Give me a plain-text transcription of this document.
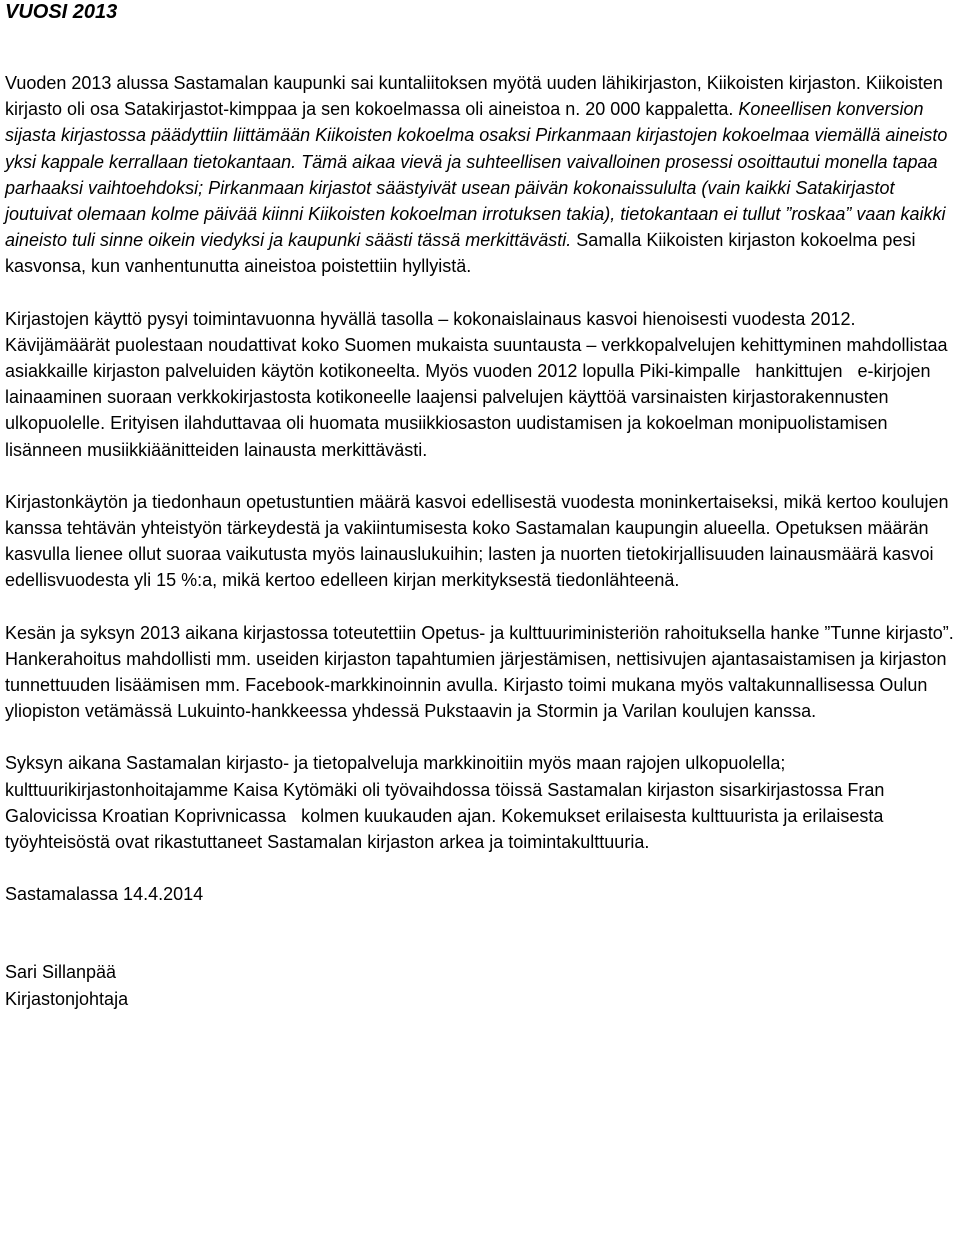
VUOSI 2013

Vuoden 2013 alussa Sastamalan kaupunki sai kuntaliitoksen myötä uuden lähikirjaston, Kiikoisten kirjaston. Kiikoisten kirjasto oli osa Satakirjastot-kimppaa ja sen kokoelmassa oli aineistoa n. 20 000 kappaletta. Koneellisen konversion sijasta kirjastossa päädyttiin liittämään Kiikoisten kokoelma osaksi Pirkanmaan kirjastojen kokoelmaa viemällä aineisto yksi kappale kerrallaan tietokantaan. Tämä aikaa vievä ja suhteellisen vaivalloinen prosessi osoittautui monella tapaa parhaaksi vaihtoehdoksi; Pirkanmaan kirjastot säästyivät usean päivän kokonaissululta (vain kaikki Satakirjastot joutuivat olemaan kolme päivää kiinni Kiikoisten kokoelman irrotuksen takia), tietokantaan ei tullut ”roskaa” vaan kaikki aineisto tuli sinne oikein viedyksi ja kaupunki säästi tässä merkittävästi. Samalla Kiikoisten kirjaston kokoelma pesi kasvonsa, kun vanhentunutta aineistoa poistettiin hyllyistä.

Kirjastojen käyttö pysyi toimintavuonna hyvällä tasolla – kokonaislainaus kasvoi hienoisesti vuodesta 2012. Kävijämäärät puolestaan noudattivat koko Suomen mukaista suuntausta – verkkopalvelujen kehittyminen mahdollistaa asiakkaille kirjaston palveluiden käytön kotikoneelta. Myös vuoden 2012 lopulla Piki-kimpalle   hankittujen   e-kirjojen lainaaminen suoraan verkkokirjastosta kotikoneelle laajensi palvelujen käyttöä varsinaisten kirjastorakennusten ulkopuolelle. Erityisen ilahduttavaa oli huomata musiikkiosaston uudistamisen ja kokoelman monipuolistamisen lisänneen musiikkiäänitteiden lainausta merkittävästi.

Kirjastonkäytön ja tiedonhaun opetustuntien määrä kasvoi edellisestä vuodesta moninkertaiseksi, mikä kertoo koulujen kanssa tehtävän yhteistyön tärkeydestä ja vakiintumisesta koko Sastamalan kaupungin alueella. Opetuksen määrän kasvulla lienee ollut suoraa vaikutusta myös lainauslukuihin; lasten ja nuorten tietokirjallisuuden lainausmäärä kasvoi edellisvuodesta yli 15 %:a, mikä kertoo edelleen kirjan merkityksestä tiedonlähteenä.

Kesän ja syksyn 2013 aikana kirjastossa toteutettiin Opetus- ja kulttuuriministeriön rahoituksella hanke ”Tunne kirjasto”. Hankerahoitus mahdollisti mm. useiden kirjaston tapahtumien järjestämisen, nettisivujen ajantasaistamisen ja kirjaston tunnettuuden lisäämisen mm. Facebook-markkinoinnin avulla. Kirjasto toimi mukana myös valtakunnallisessa Oulun yliopiston vetämässä Lukuinto-hankkeessa yhdessä Pukstaavin ja Stormin ja Varilan koulujen kanssa.

Syksyn aikana Sastamalan kirjasto- ja tietopalveluja markkinoitiin myös maan rajojen ulkopuolella; kulttuurikirjastonhoitajamme Kaisa Kytömäki oli työvaihdossa töissä Sastamalan kirjaston sisarkirjastossa Fran Galovicissa Kroatian Koprivnicassa   kolmen kuukauden ajan. Kokemukset erilaisesta kulttuurista ja erilaisesta työyhteisöstä ovat rikastuttaneet Sastamalan kirjaston arkea ja toimintakulttuuria.

Sastamalassa 14.4.2014

Sari Sillanpää

Kirjastonjohtaja
